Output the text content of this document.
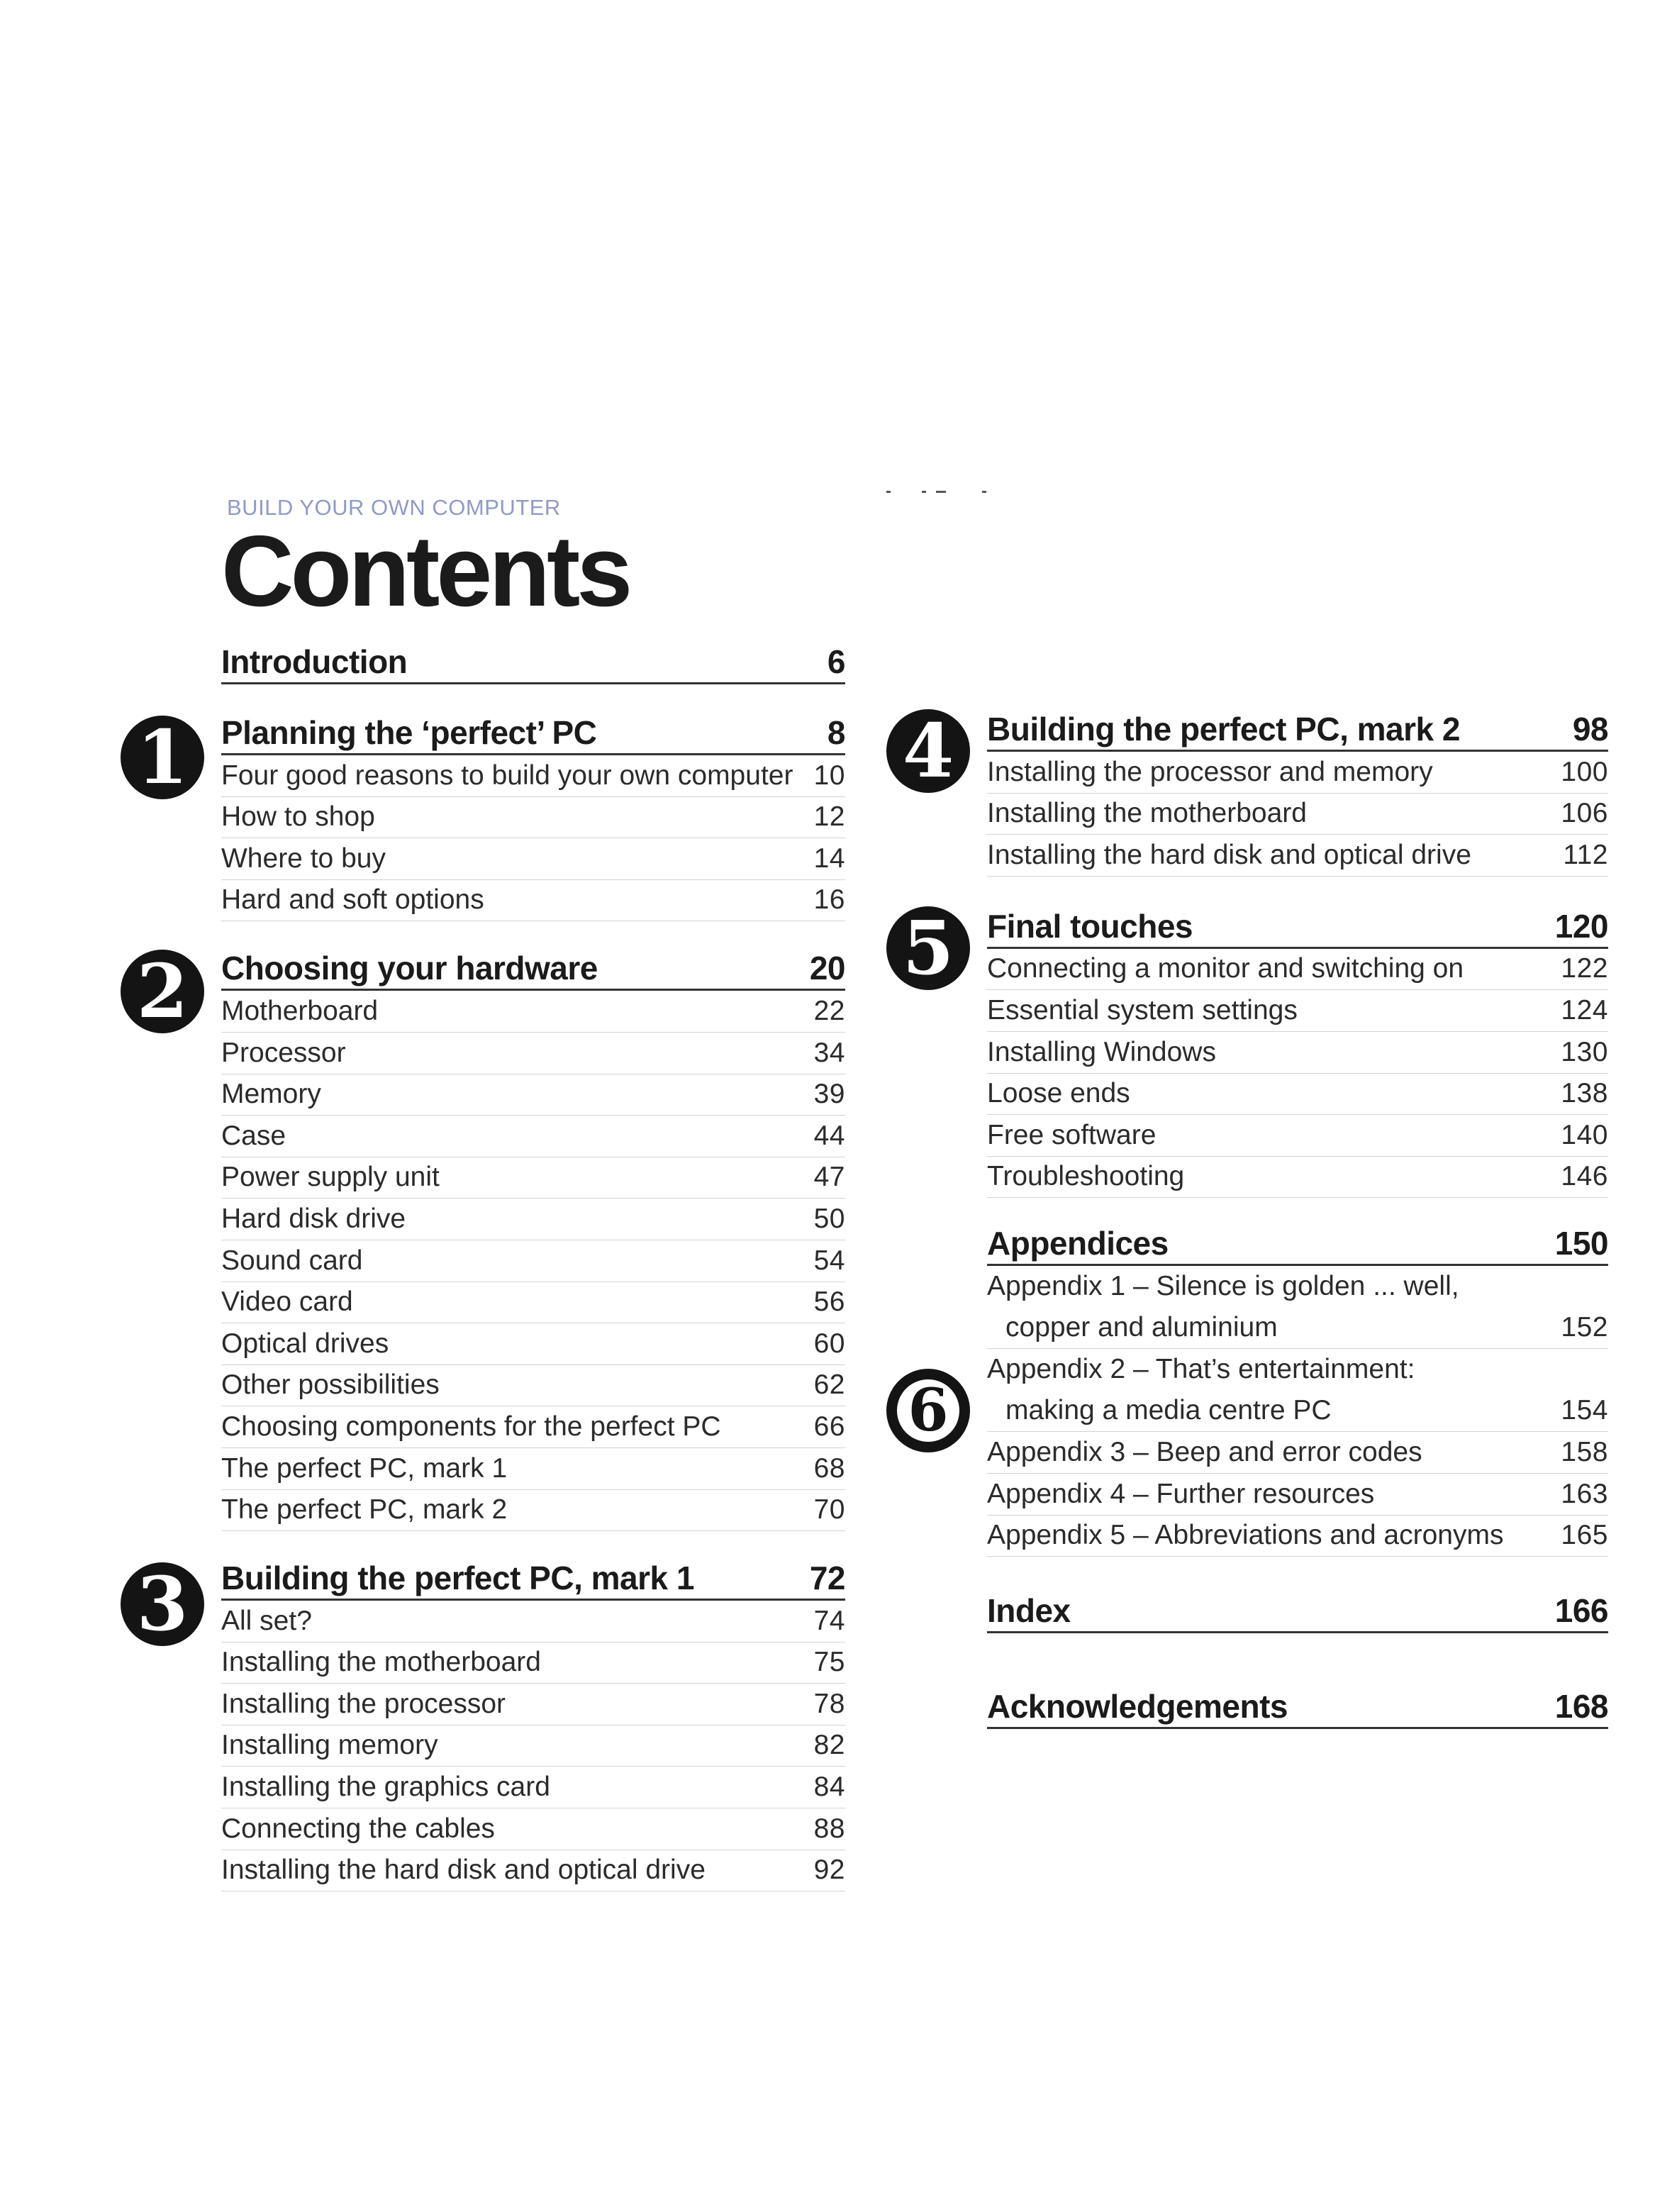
BUILD YOUR OWN COMPUTER
Contents
Introduction	6
1	Planning the ‘perfect’ PC	8
Four good reasons to build your own computer 10
How to shop	12
Where to buy	14
Hard and soft options	16
2	Choosing your hardware	20
Motherboard	22
Processor	34
Memory	39
Case	44
Power supply unit	47
Hard disk drive	50
Sound card	54
Video card	56
Optical drives	60
Other possibilities	62
Choosing components for the perfect PC	66
The perfect PC, mark 1	68
The perfect PC, mark 2	70
3	Building the perfect PC, mark 1	72
All set?	74
Installing the motherboard	75
Installing the processor	78
Installing memory	82
Installing the graphics card	84
Connecting the cables	88
Installing the hard disk and optical drive	92
4	Building the perfect PC, mark 2	98
Installing the processor and memory	100
Installing the motherboard	106
Installing the hard disk and optical drive	112
5	Final touches	120
Connecting a monitor and switching on	122
Essential system settings	124
Installing Windows	130
Loose ends	138
Free software	140
Troubleshooting	146
6
Appendices	150
Appendix 1 – Silence is golden ... well,
copper and aluminium	152
Appendix 2 – That’s entertainment:
making a media centre PC	154
Appendix 3 – Beep and error codes	158
Appendix 4 – Further resources	163
Appendix 5 – Abbreviations and acronyms 165
Index	166
Acknowledgements	168
